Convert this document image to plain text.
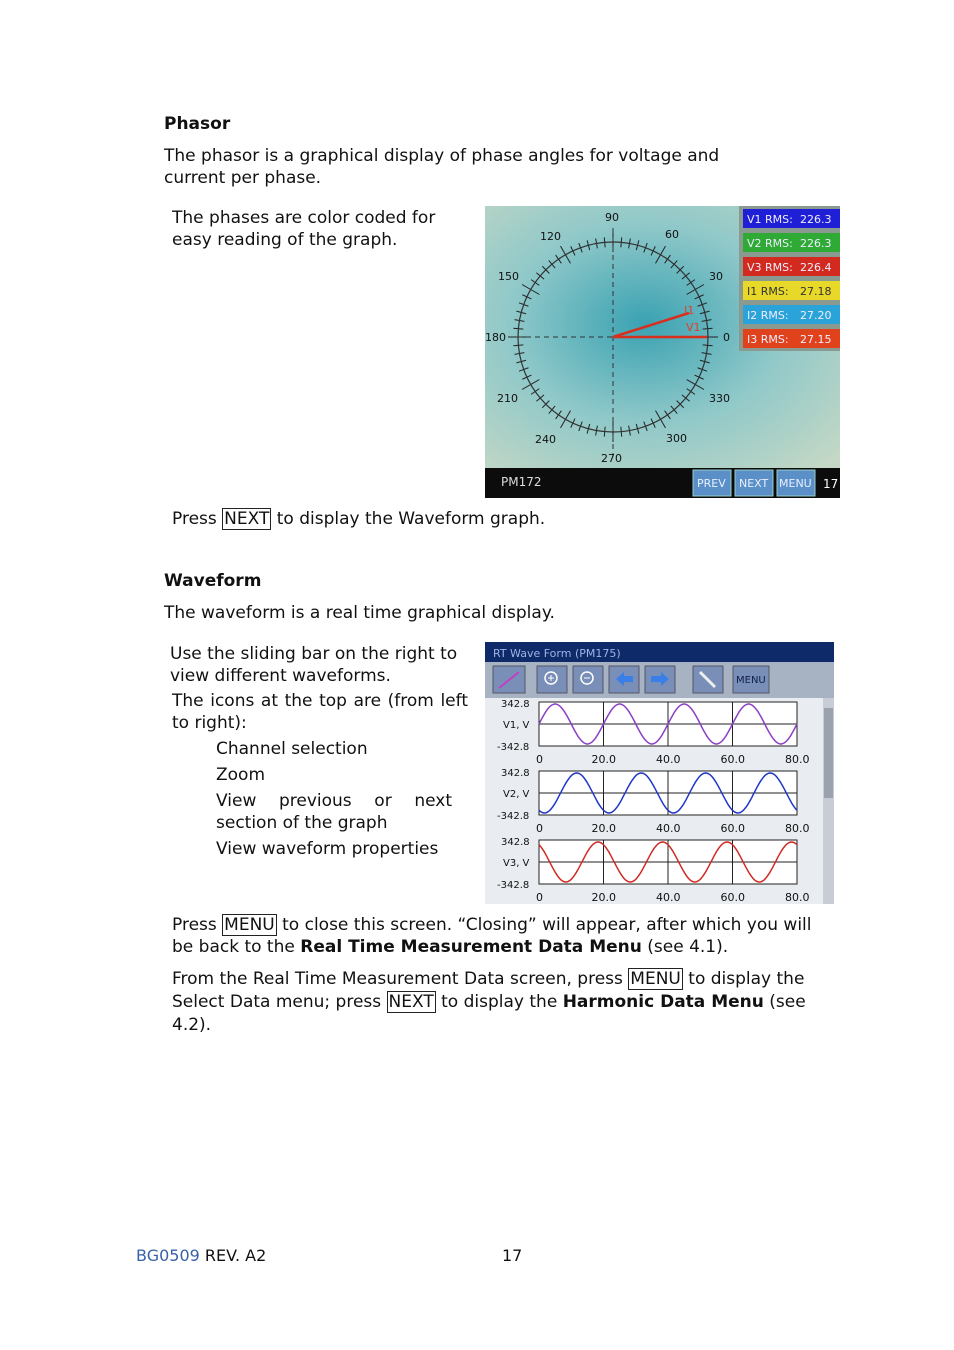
Phasor

The phasor is a graphical display of phase angles for voltage and current per phase.

The phases are color coded for easy reading of the graph.

I1
V1
90
60
30
0
330
300
270
240
210
180
150
120
V1 RMS: 226.3
V2 RMS: 226.3
V3 RMS: 226.4
I1 RMS: 27.18
I2 RMS: 27.20
I3 RMS: 27.15
PM172	PREV NEXT MENU 17

Press NEXT to display the Waveform graph.

Waveform

The waveform is a real time graphical display.

Use the sliding bar on the right to view different waveforms.

The icons at the top are (from left to right):

Channel selection
Zoom
View previous or next section of the graph
View waveform properties
RT Wave Form (PM175)
MENU
342.8
V1, V
-342.8
0	20.0	40.0	60.0	80.0
342.8
V2, V
-342.8
0	20.0	40.0	60.0	80.0
342.8
V3, V
-342.8
0	20.0	40.0	60.0	80.0

Press MENU to close this screen. “Closing” will appear, after which you will be back to the Real Time Measurement Data Menu (see 4.1).

From the Real Time Measurement Data screen, press MENU to display the Select Data menu; press NEXT to display the Harmonic Data Menu (see 4.2).

BG0509 REV. A2	17
